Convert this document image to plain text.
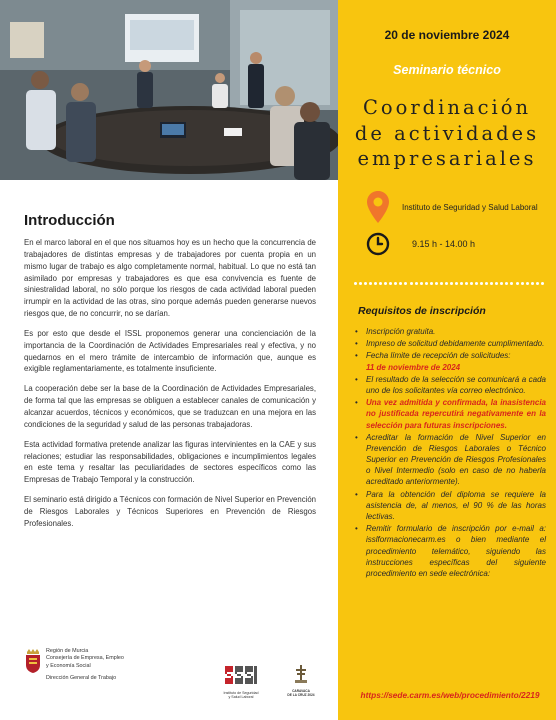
Introducción

En el marco laboral en el que nos situamos hoy es un hecho que la concurrencia de trabajadores de distintas empresas y de trabajadores por cuenta propia en un mismo lugar de trabajo es algo completamente normal, habitual. Lo que no está tan asimilado por empresas y trabajadores es que esa convivencia es fuente de siniestralidad laboral, no sólo porque los riesgos de cada actividad laboral pueden irrumpir en la actividad de las otras, sino porque además pueden generarse nuevos riesgos que, de no concurrir, no se darían.

Es por esto que desde el ISSL proponemos generar una concienciación de la importancia de la Coordinación de Actividades Empresariales real y efectiva, y no quedarnos en el mero trámite de intercambio de información que, aunque es exigible reglamentariamente, es totalmente insuficiente.

La cooperación debe ser la base de la Coordinación de Actividades Empresariales, de forma tal que las empresas se obliguen a establecer canales de comunicación y alcanzar acuerdos, técnicos y económicos, que se traduzcan en una mejora en las condiciones de la seguridad y salud de las personas trabajadoras.

Esta actividad formativa pretende analizar las figuras intervinientes en la CAE y sus relaciones; estudiar las responsabilidades, obligaciones e incumplimientos legales en este tema y resaltar las peculiaridades de sectores específicos como las Empresas de Trabajo Temporal y la construcción.

El seminario está dirigido a Técnicos con formación de Nivel Superior en Prevención de Riesgos Laborales y Técnicos Superiores en Prevención de Riesgos Profesionales.

Región de Murcia
Consejería de Empresa, Empleo
y Economía Social
Dirección General de Trabajo
Instituto de Seguridad
y Salud Laboral
CARAVACA
DE LA CRUZ 2024
20 de noviembre 2024
Seminario técnico
Coordinación
de actividades
empresariales
Instituto de Seguridad y Salud Laboral
9.15 h - 14.00 h
Requisitos de inscripción
• Inscripción gratuita.
• Impreso de solicitud debidamente cumplimentado.
• Fecha límite de recepción de solicitudes:
11 de noviembre de 2024
• El resultado de la selección se comunicará a cada uno de los solicitantes vía correo electrónico.
• Una vez admitida y confirmada, la inasistencia no justificada repercutirá negativamente en la selección para futuras inscripciones.
• Acreditar la formación de Nivel Superior en Prevención de Riesgos Laborales o Técnico Superior en Prevención de Riesgos Profesionales o Nivel Intermedio (solo en caso de no haberla acreditado anteriormente).
• Para la obtención del diploma se requiere la asistencia de, al menos, el 90 % de las horas lectivas.
• Remitir formulario de inscripción por e-mail a: isslformacionecarm.es o bien mediante el procedimiento telemático, siguiendo las instrucciones específicas del siguiente procedimiento en sede electrónica:
https://sede.carm.es/web/procedimiento/2219
